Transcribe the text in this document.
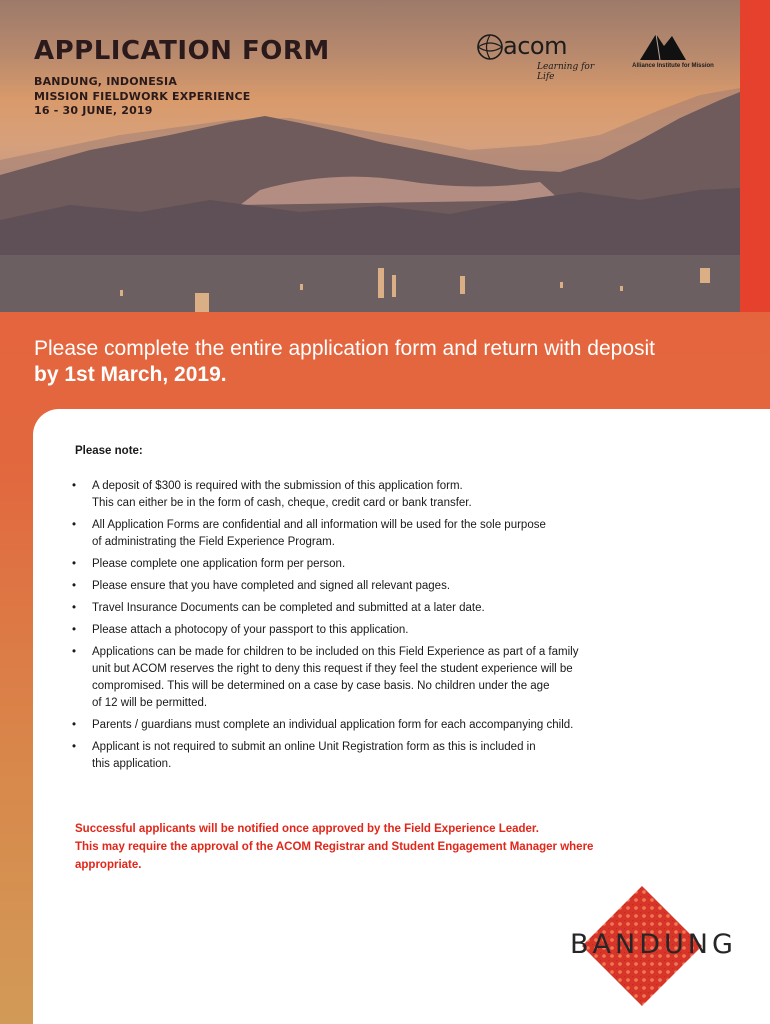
APPLICATION FORM
BANDUNG, INDONESIA
MISSION FIELDWORK EXPERIENCE
16 - 30 JUNE, 2019
acom
Learning for Life
Alliance Institute for Mission

Please complete the entire application form and return with deposit by 1st March, 2019.

Please note:
• A deposit of $300 is required with the submission of this application form.
This can either be in the form of cash, cheque, credit card or bank transfer.
• All Application Forms are confidential and all information will be used for the sole purpose
of administrating the Field Experience Program.
• Please complete one application form per person.
• Please ensure that you have completed and signed all relevant pages.
• Travel Insurance Documents can be completed and submitted at a later date.
• Please attach a photocopy of your passport to this application.
• Applications can be made for children to be included on this Field Experience as part of a family
unit but ACOM reserves the right to deny this request if they feel the student experience will be
compromised. This will be determined on a case by case basis. No children under the age
of 12 will be permitted.
• Parents / guardians must complete an individual application form for each accompanying child.
• Applicant is not required to submit an online Unit Registration form as this is included in
this application.
Successful applicants will be notified once approved by the Field Experience Leader.
This may require the approval of the ACOM Registrar and Student Engagement Manager where
appropriate.
BANDUNG
